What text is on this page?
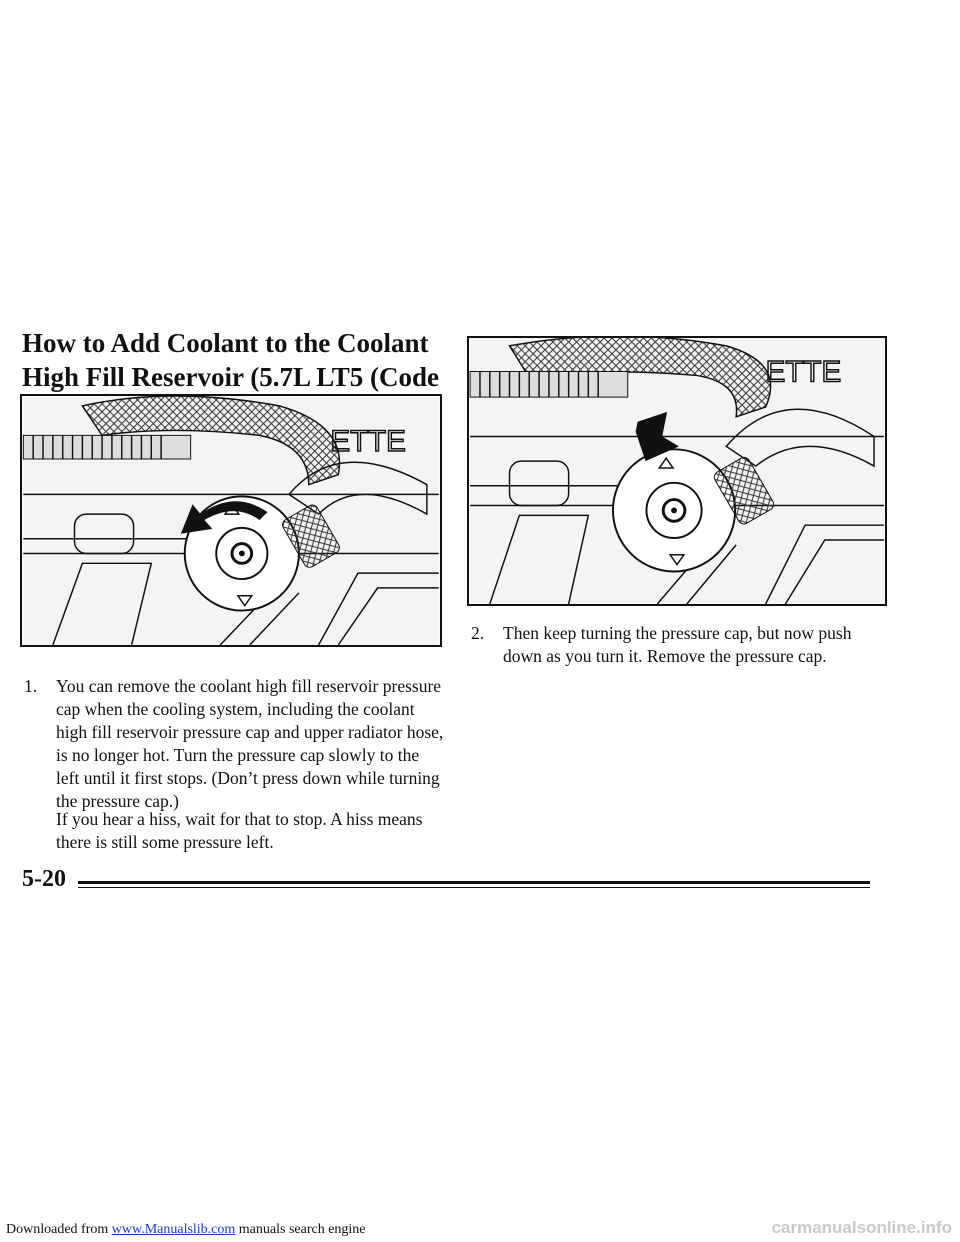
How to Add Coolant to the Coolant High Fill Reservoir (5.7L LT5 (Code
ETTE
ETTE
1. You can remove the coolant high fill reservoir pressure cap when the cooling system, including the coolant high fill reservoir pressure cap and upper radiator hose, is no longer hot. Turn the pressure cap slowly to the left until it first stops. (Don’t press down while turning the pressure cap.)

If you hear a hiss, wait for that to stop. A hiss means there is still some pressure left.

2. Then keep turning the pressure cap, but now push down as you turn it. Remove the pressure cap.
5-20
Downloaded from www.Manualslib.com manuals search engine	carmanualsonline.info
